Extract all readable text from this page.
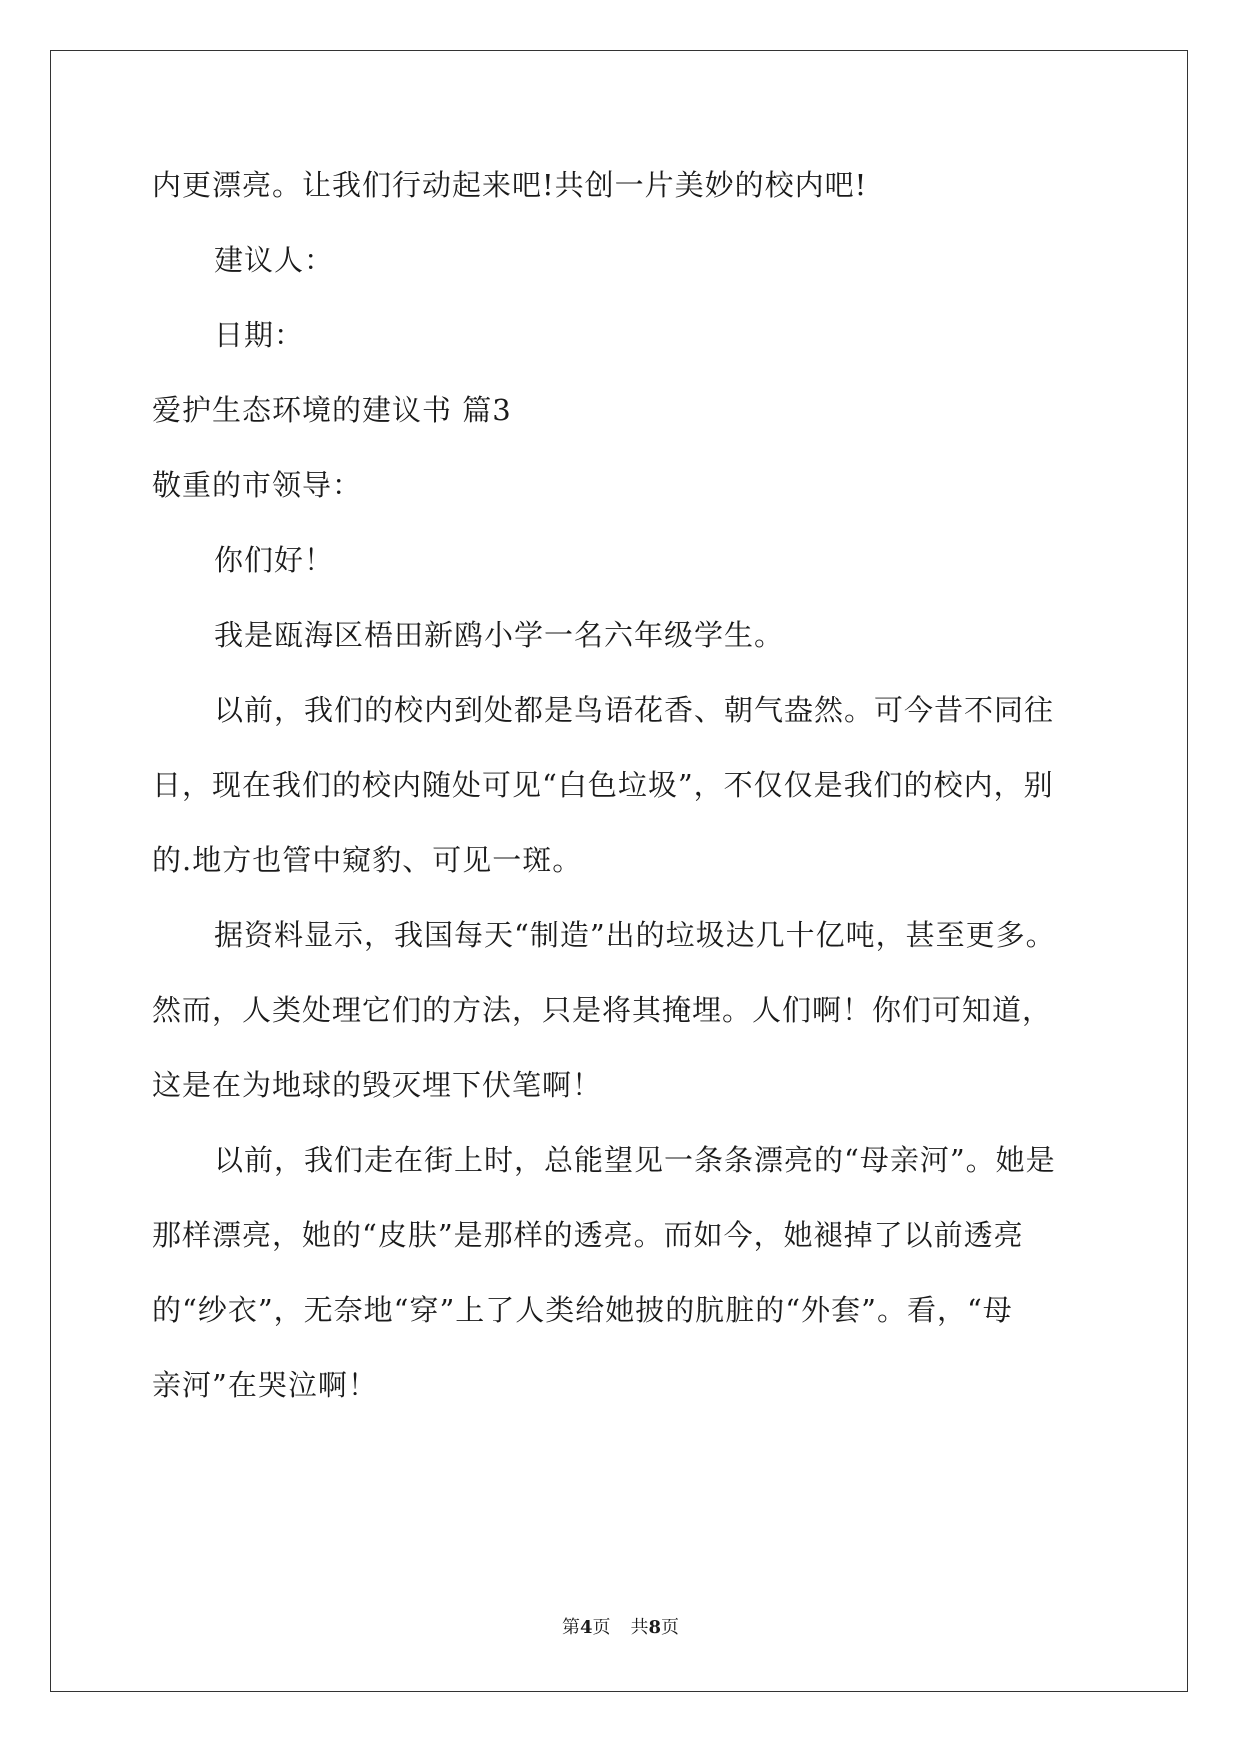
内更漂亮。让我们行动起来吧!共创一片美妙的校内吧!
建议人：
日期：
爱护生态环境的建议书 篇3
敬重的市领导：
你们好！
我是瓯海区梧田新鸥小学一名六年级学生。
以前，我们的校内到处都是鸟语花香、朝气盎然。可今昔不同往
日，现在我们的校内随处可见“白色垃圾”，不仅仅是我们的校内，别
的.地方也管中窥豹、可见一斑。
据资料显示，我国每天“制造”出的垃圾达几十亿吨，甚至更多。
然而，人类处理它们的方法，只是将其掩埋。人们啊！你们可知道，
这是在为地球的毁灭埋下伏笔啊！
以前，我们走在街上时，总能望见一条条漂亮的“母亲河”。她是
那样漂亮，她的“皮肤”是那样的透亮。而如今，她褪掉了以前透亮
的“纱衣”，无奈地“穿”上了人类给她披的肮脏的“外套”。看，“母
亲河”在哭泣啊！
第4页 共8页
